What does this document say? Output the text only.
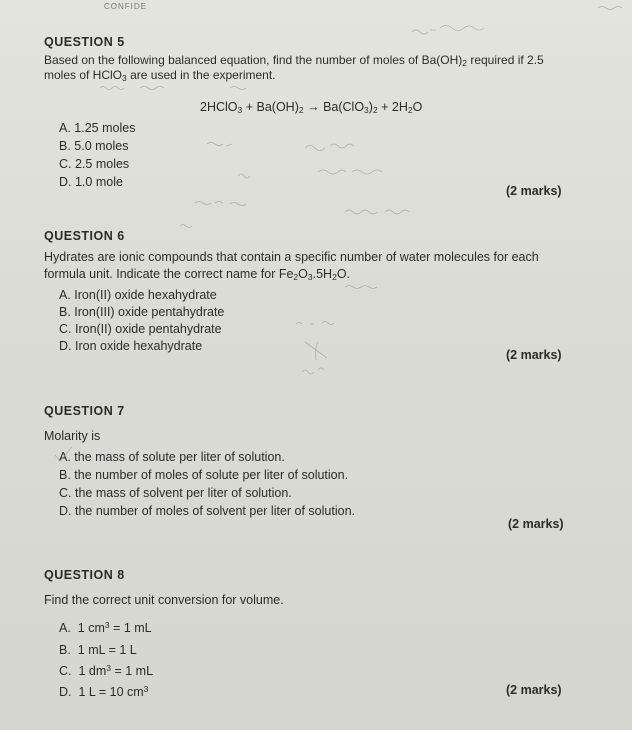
CONFIDE
QUESTION 5
Based on the following balanced equation, find the number of moles of $Ba(OH)_2$ required if 2.5
moles of HClO$_3$ are used in the experiment.
2HClO$_3$ + $Ba(OH)_2 \to Ba(ClO_3)_2 + 2H_2O$
A. 1.25 moles
B. 5.0 moles
C. 2.5 moles
D. 1.0 mole
(2 marks)
QUESTION 6
Hydrates are ionic compounds that contain a specific number of water molecules for each
formula unit. Indicate the correct name for $Fe_2O_3.5H_2O$.
A. Iron(II) oxide hexahydrate
B. Iron(III) oxide pentahydrate
C. Iron(II) oxide pentahydrate
D. Iron oxide hexahydrate
(2 marks)
QUESTION 7
Molarity is
A. the mass of solute per liter of solution.
B. the number of moles of solute per liter of solution.
C. the mass of solvent per liter of solution.
D. the number of moles of solvent per liter of solution.
(2 marks)
QUESTION 8
Find the correct unit conversion for volume.
A. 1 $cm^3 = 1$ mL
B. 1 mL = 1 L
C. 1 $dm^3 = 1$ mL
D. 1 L = 10 $cm^3$	(2 marks)
